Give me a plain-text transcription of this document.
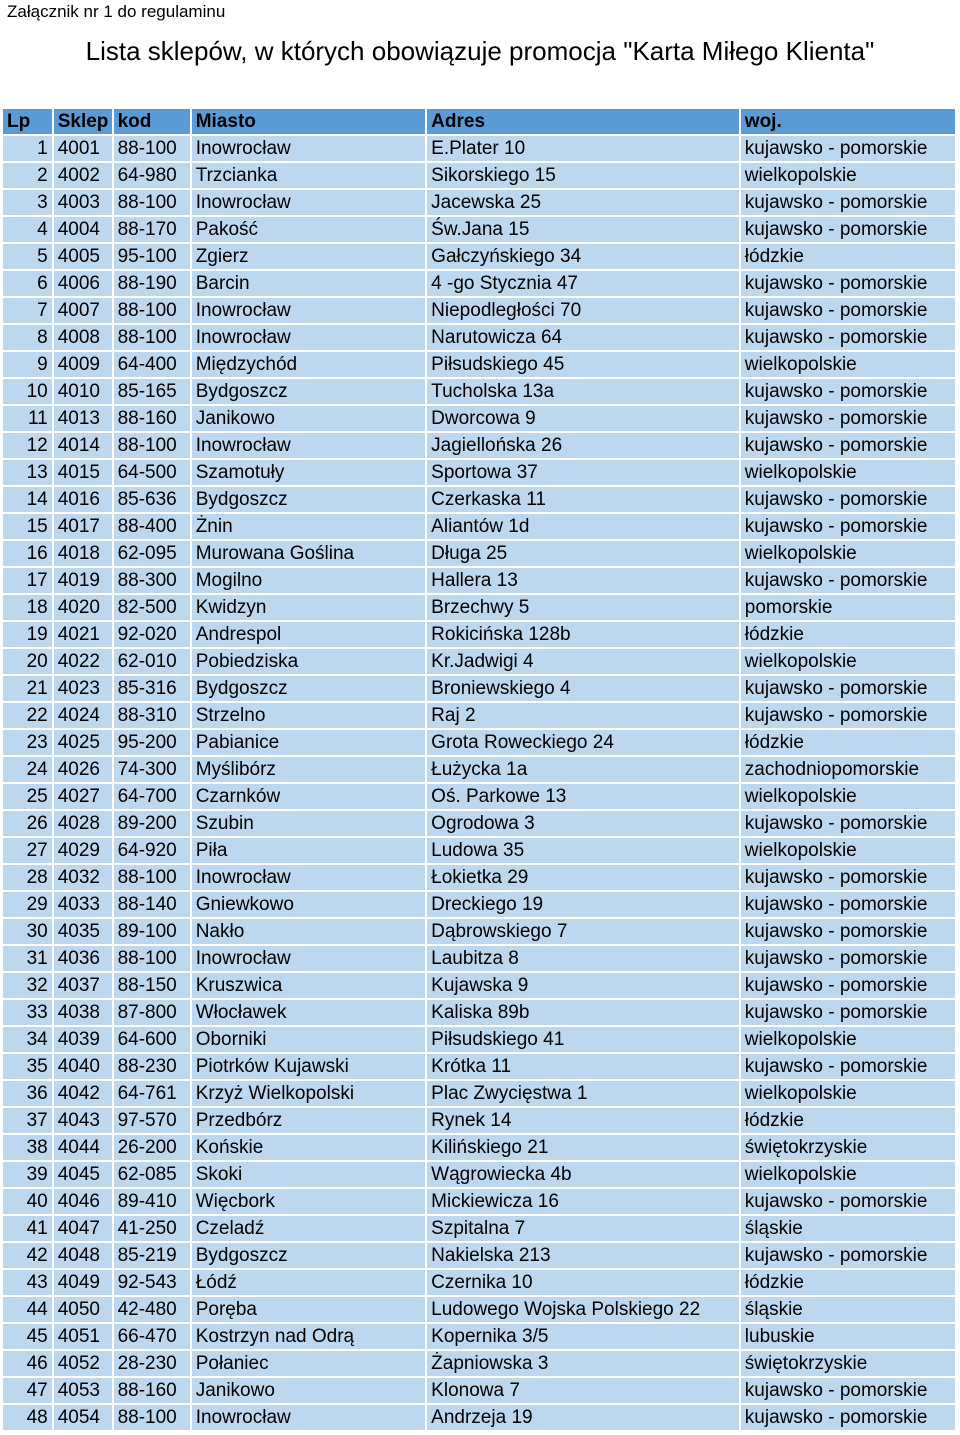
Załącznik nr 1 do regulaminu
Lista sklepów, w których obowiązuje promocja "Karta Miłego Klienta"
Lp	Sklep	kod	Miasto	Adres	woj.
1	4001	88-100	Inowrocław	E.Plater 10	kujawsko - pomorskie
2	4002	64-980	Trzcianka	Sikorskiego 15	wielkopolskie
3	4003	88-100	Inowrocław	Jacewska 25	kujawsko - pomorskie
4	4004	88-170	Pakość	Św.Jana 15	kujawsko - pomorskie
5	4005	95-100	Zgierz	Gałczyńskiego 34	łódzkie
6	4006	88-190	Barcin	4 -go Stycznia 47	kujawsko - pomorskie
7	4007	88-100	Inowrocław	Niepodległości 70	kujawsko - pomorskie
8	4008	88-100	Inowrocław	Narutowicza 64	kujawsko - pomorskie
9	4009	64-400	Międzychód	Piłsudskiego 45	wielkopolskie
10	4010	85-165	Bydgoszcz	Tucholska 13a	kujawsko - pomorskie
11	4013	88-160	Janikowo	Dworcowa 9	kujawsko - pomorskie
12	4014	88-100	Inowrocław	Jagiellońska 26	kujawsko - pomorskie
13	4015	64-500	Szamotuły	Sportowa 37	wielkopolskie
14	4016	85-636	Bydgoszcz	Czerkaska 11	kujawsko - pomorskie
15	4017	88-400	Żnin	Aliantów 1d	kujawsko - pomorskie
16	4018	62-095	Murowana Goślina	Długa 25	wielkopolskie
17	4019	88-300	Mogilno	Hallera 13	kujawsko - pomorskie
18	4020	82-500	Kwidzyn	Brzechwy 5	pomorskie
19	4021	92-020	Andrespol	Rokicińska 128b	łódzkie
20	4022	62-010	Pobiedziska	Kr.Jadwigi 4	wielkopolskie
21	4023	85-316	Bydgoszcz	Broniewskiego 4	kujawsko - pomorskie
22	4024	88-310	Strzelno	Raj 2	kujawsko - pomorskie
23	4025	95-200	Pabianice	Grota Roweckiego 24	łódzkie
24	4026	74-300	Myślibórz	Łużycka 1a	zachodniopomorskie
25	4027	64-700	Czarnków	Oś. Parkowe 13	wielkopolskie
26	4028	89-200	Szubin	Ogrodowa 3	kujawsko - pomorskie
27	4029	64-920	Piła	Ludowa 35	wielkopolskie
28	4032	88-100	Inowrocław	Łokietka 29	kujawsko - pomorskie
29	4033	88-140	Gniewkowo	Dreckiego 19	kujawsko - pomorskie
30	4035	89-100	Nakło	Dąbrowskiego 7	kujawsko - pomorskie
31	4036	88-100	Inowrocław	Laubitza 8	kujawsko - pomorskie
32	4037	88-150	Kruszwica	Kujawska 9	kujawsko - pomorskie
33	4038	87-800	Włocławek	Kaliska 89b	kujawsko - pomorskie
34	4039	64-600	Oborniki	Piłsudskiego 41	wielkopolskie
35	4040	88-230	Piotrków Kujawski	Krótka 11	kujawsko - pomorskie
36	4042	64-761	Krzyż Wielkopolski	Plac Zwycięstwa 1	wielkopolskie
37	4043	97-570	Przedbórz	Rynek 14	łódzkie
38	4044	26-200	Końskie	Kilińskiego 21	świętokrzyskie
39	4045	62-085	Skoki	Wągrowiecka 4b	wielkopolskie
40	4046	89-410	Więcbork	Mickiewicza 16	kujawsko - pomorskie
41	4047	41-250	Czeladź	Szpitalna 7	śląskie
42	4048	85-219	Bydgoszcz	Nakielska 213	kujawsko - pomorskie
43	4049	92-543	Łódź	Czernika 10	łódzkie
44	4050	42-480	Poręba	Ludowego Wojska Polskiego 22	śląskie
45	4051	66-470	Kostrzyn nad Odrą	Kopernika 3/5	lubuskie
46	4052	28-230	Połaniec	Żapniowska 3	świętokrzyskie
47	4053	88-160	Janikowo	Klonowa 7	kujawsko - pomorskie
48	4054	88-100	Inowrocław	Andrzeja 19	kujawsko - pomorskie
